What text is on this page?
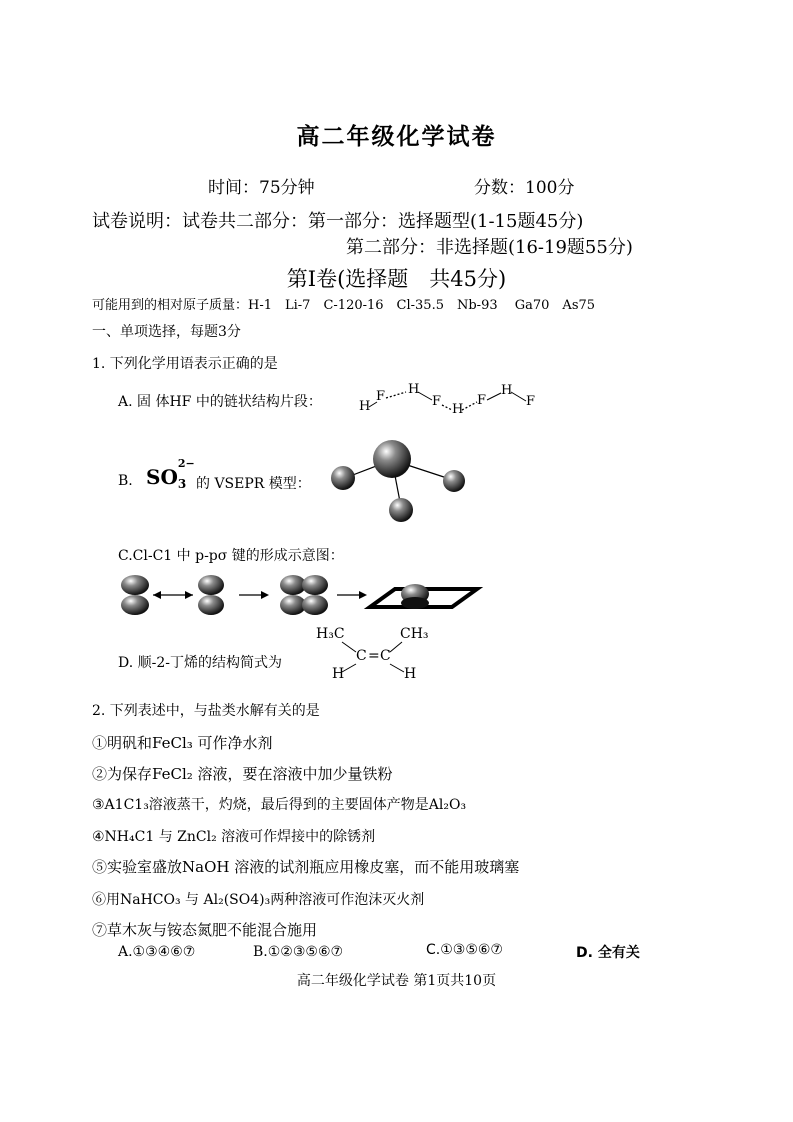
高二年级化学试卷
时间：75分钟	分数：100分
试卷说明：试卷共二部分：第一部分：选择题型(1-15题45分)
第二部分：非选择题(16-19题55分)
第Ⅰ卷(选择题　共45分)
可能用到的相对原子质量：H-1　Li-7　C-120-16　Cl-35.5　Nb-93　 Ga70　As75
一、单项选择，每题3分
1. 下列化学用语表示正确的是
A. 固 体HF 中的链状结构片段：	H
F H
F
H
F
H
F
B. SO 3
2−
的 VSEPR 模型：
C.Cl-C1 中 p-pσ 键的形成示意图：
D. 顺-2-丁烯的结构简式为
H₃C	CH₃
C = C
H	H
2. 下列表述中，与盐类水解有关的是
①明矾和FeCl₃ 可作净水剂
②为保存FeCl₂ 溶液，要在溶液中加少量铁粉
③A1C1₃溶液蒸干，灼烧，最后得到的主要固体产物是Al₂O₃
④NH₄C1 与 ZnCl₂ 溶液可作焊接中的除锈剂
⑤实验室盛放NaOH 溶液的试剂瓶应用橡皮塞，而不能用玻璃塞
⑥用NaHCO₃ 与 Al₂(SO4)₃两种溶液可作泡沫灭火剂
⑦草木灰与铵态氮肥不能混合施用
A.①③④⑥⑦	B.①②③⑤⑥⑦	C.①③⑤⑥⑦	D. 全有关
高二年级化学试卷 第1页共10页
